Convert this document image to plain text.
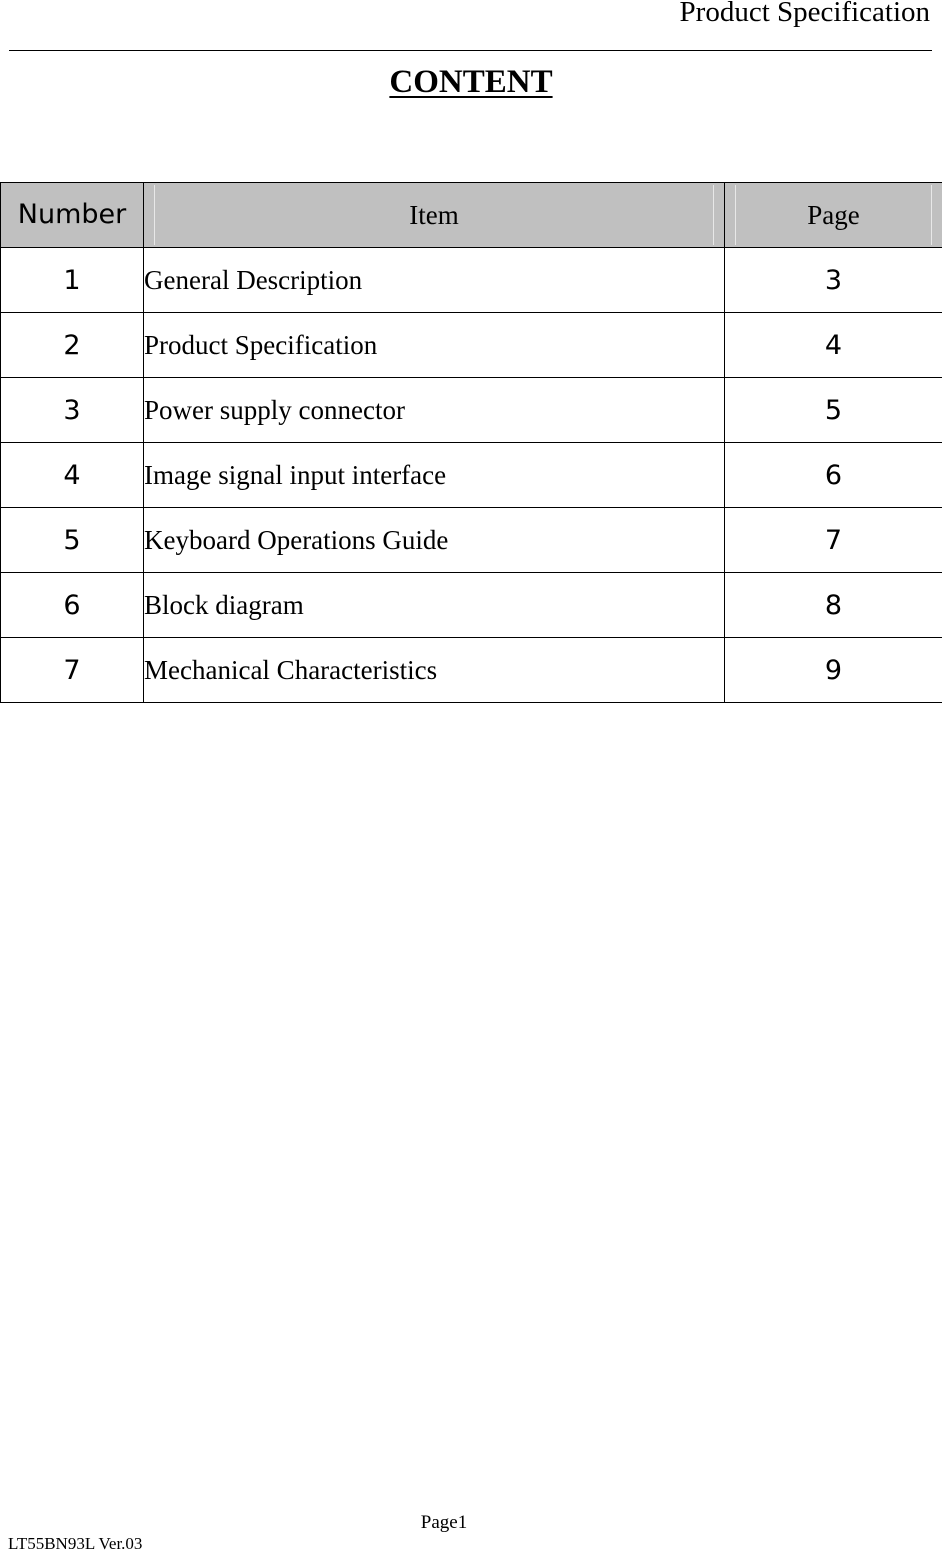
Product Specification
CONTENT
Number	Item	Page

1	General Description	3
2	Product Specification	4
3	Power supply connector	5
4	Image signal input interface	6
5	Keyboard Operations Guide	7
6	Block diagram	8
7	Mechanical Characteristics	9
Page1
LT55BN93L Ver.03
